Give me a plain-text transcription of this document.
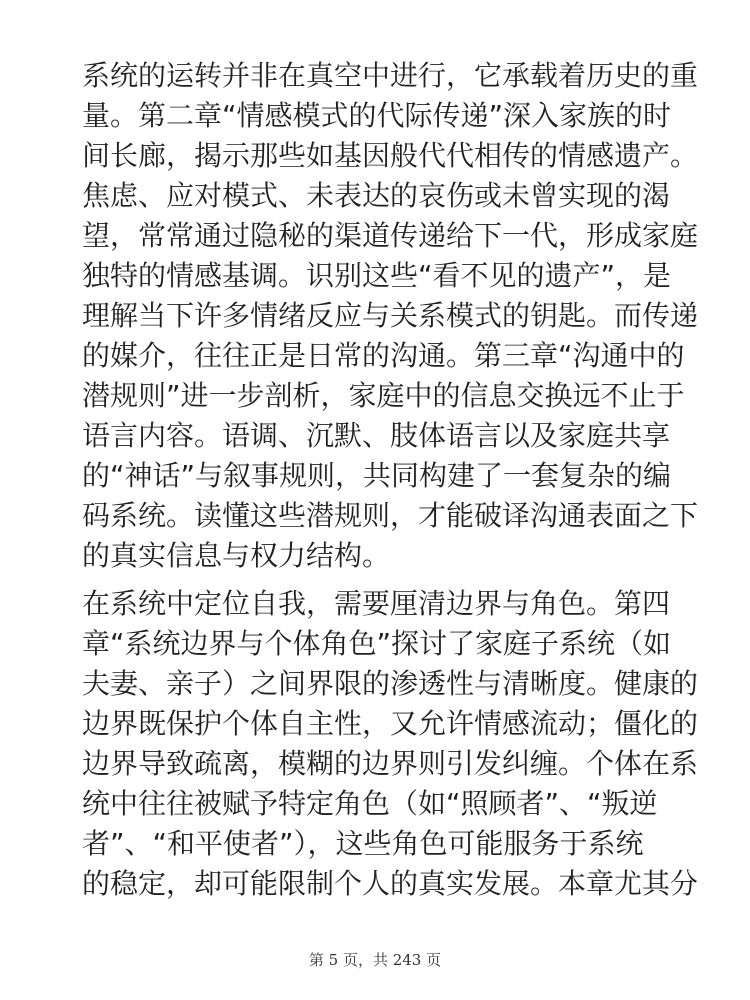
系统的运转并非在真空中进行，它承载着历史的重
量。第二章“情感模式的代际传递”深入家族的时
间长廊，揭示那些如基因般代代相传的情感遗产。
焦虑、应对模式、未表达的哀伤或未曾实现的渴
望，常常通过隐秘的渠道传递给下一代，形成家庭
独特的情感基调。识别这些“看不见的遗产”，是
理解当下许多情绪反应与关系模式的钥匙。而传递
的媒介，往往正是日常的沟通。第三章“沟通中的
潜规则”进一步剖析，家庭中的信息交换远不止于
语言内容。语调、沉默、肢体语言以及家庭共享
的“神话”与叙事规则，共同构建了一套复杂的编
码系统。读懂这些潜规则，才能破译沟通表面之下
的真实信息与权力结构。
在系统中定位自我，需要厘清边界与角色。第四
章“系统边界与个体角色”探讨了家庭子系统（如
夫妻、亲子）之间界限的渗透性与清晰度。健康的
边界既保护个体自主性，又允许情感流动；僵化的
边界导致疏离，模糊的边界则引发纠缠。个体在系
统中往往被赋予特定角色（如“照顾者”、“叛逆
者”、“和平使者”），这些角色可能服务于系统
的稳定，却可能限制个人的真实发展。本章尤其分
第 5 页，共 243 页
